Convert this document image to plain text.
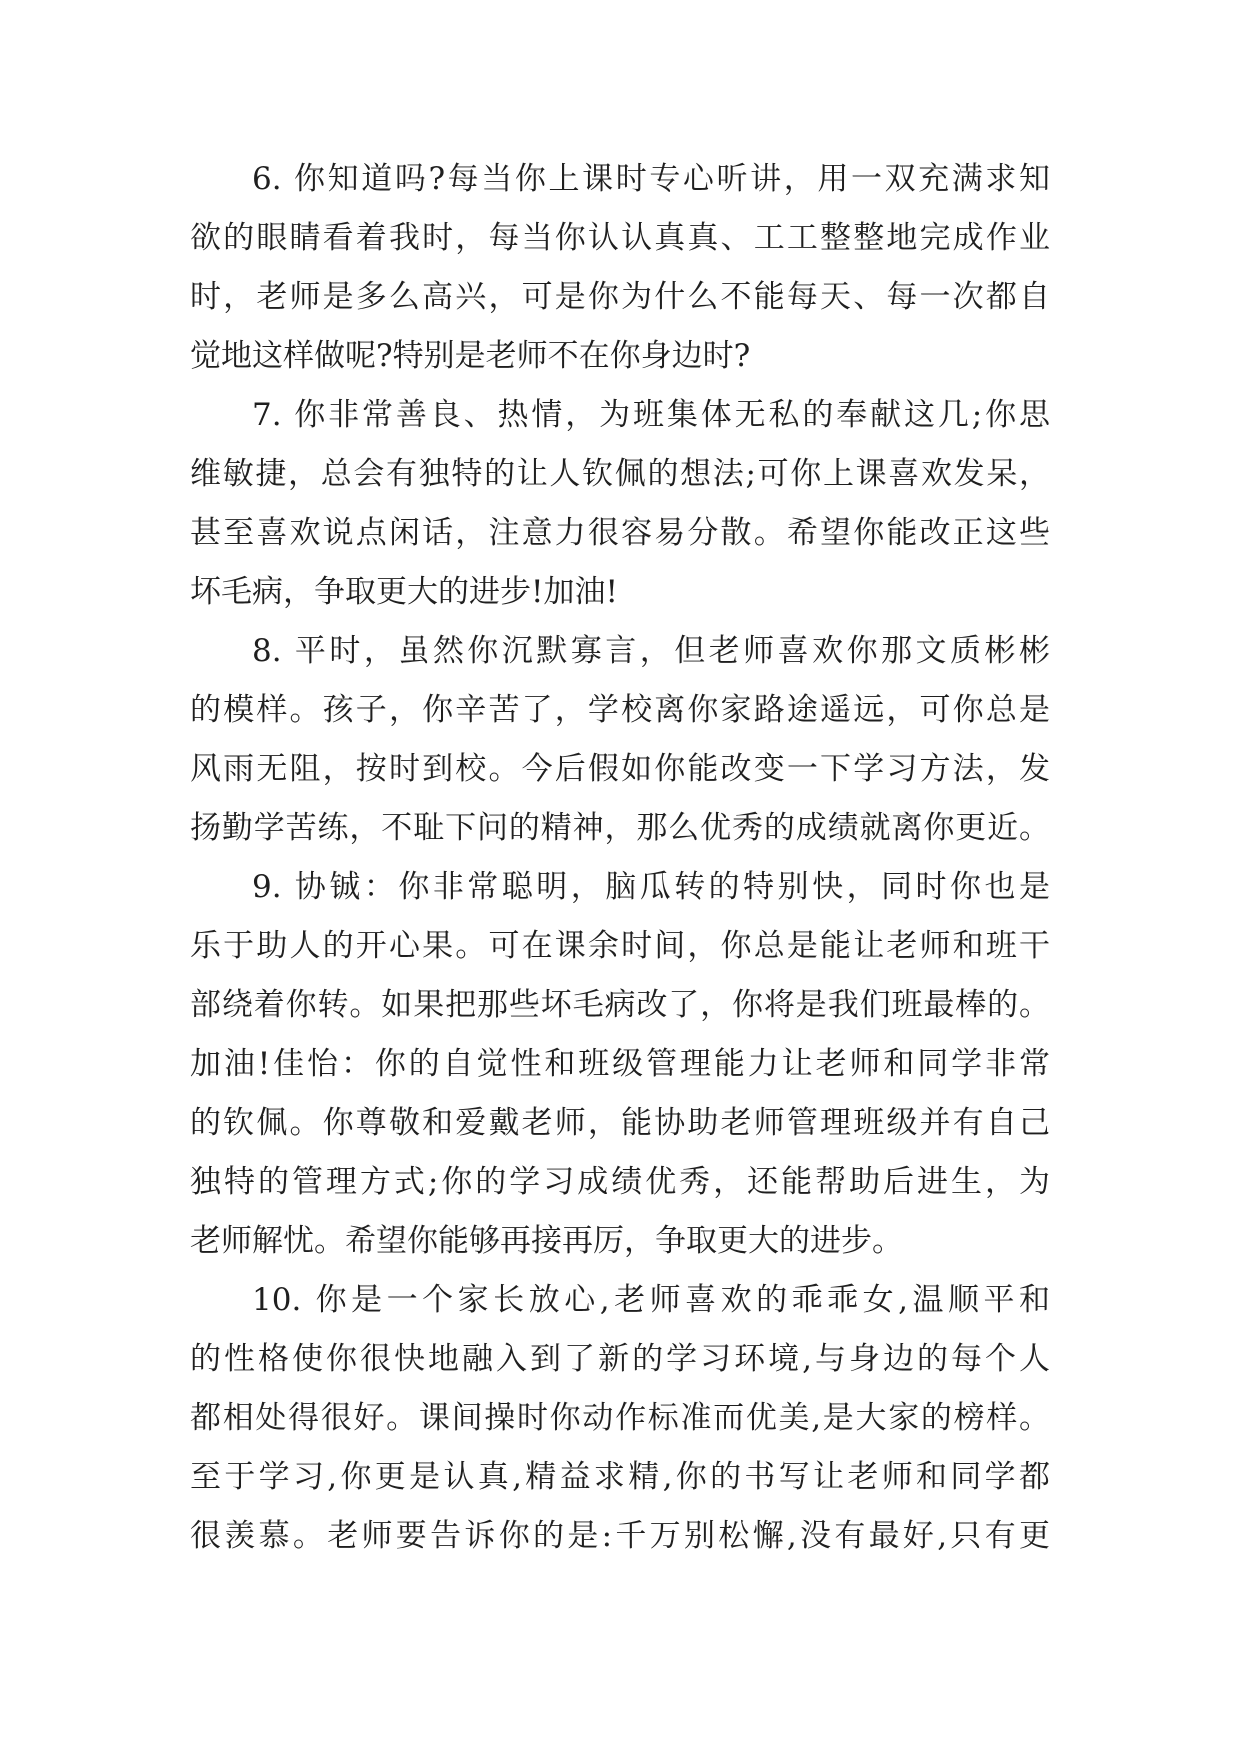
6. 你知道吗?每当你上课时专心听讲，用一双充满求知
欲的眼睛看着我时，每当你认认真真、工工整整地完成作业
时，老师是多么高兴，可是你为什么不能每天、每一次都自
觉地这样做呢?特别是老师不在你身边时?
7. 你非常善良、热情，为班集体无私的奉献这几;你思
维敏捷，总会有独特的让人钦佩的想法;可你上课喜欢发呆，
甚至喜欢说点闲话，注意力很容易分散。希望你能改正这些
坏毛病，争取更大的进步!加油!
8. 平时，虽然你沉默寡言，但老师喜欢你那文质彬彬
的模样。孩子，你辛苦了，学校离你家路途遥远，可你总是
风雨无阻，按时到校。今后假如你能改变一下学习方法，发
扬勤学苦练，不耻下问的精神，那么优秀的成绩就离你更近。
9. 协铖：你非常聪明，脑瓜转的特别快，同时你也是
乐于助人的开心果。可在课余时间，你总是能让老师和班干
部绕着你转。如果把那些坏毛病改了，你将是我们班最棒的。
加油!佳怡：你的自觉性和班级管理能力让老师和同学非常
的钦佩。你尊敬和爱戴老师，能协助老师管理班级并有自己
独特的管理方式;你的学习成绩优秀，还能帮助后进生，为
老师解忧。希望你能够再接再厉，争取更大的进步。
10. 你是一个家长放心,老师喜欢的乖乖女,温顺平和
的性格使你很快地融入到了新的学习环境,与身边的每个人
都相处得很好。课间操时你动作标准而优美,是大家的榜样。
至于学习,你更是认真,精益求精,你的书写让老师和同学都
很羡慕。老师要告诉你的是:千万别松懈,没有最好,只有更
